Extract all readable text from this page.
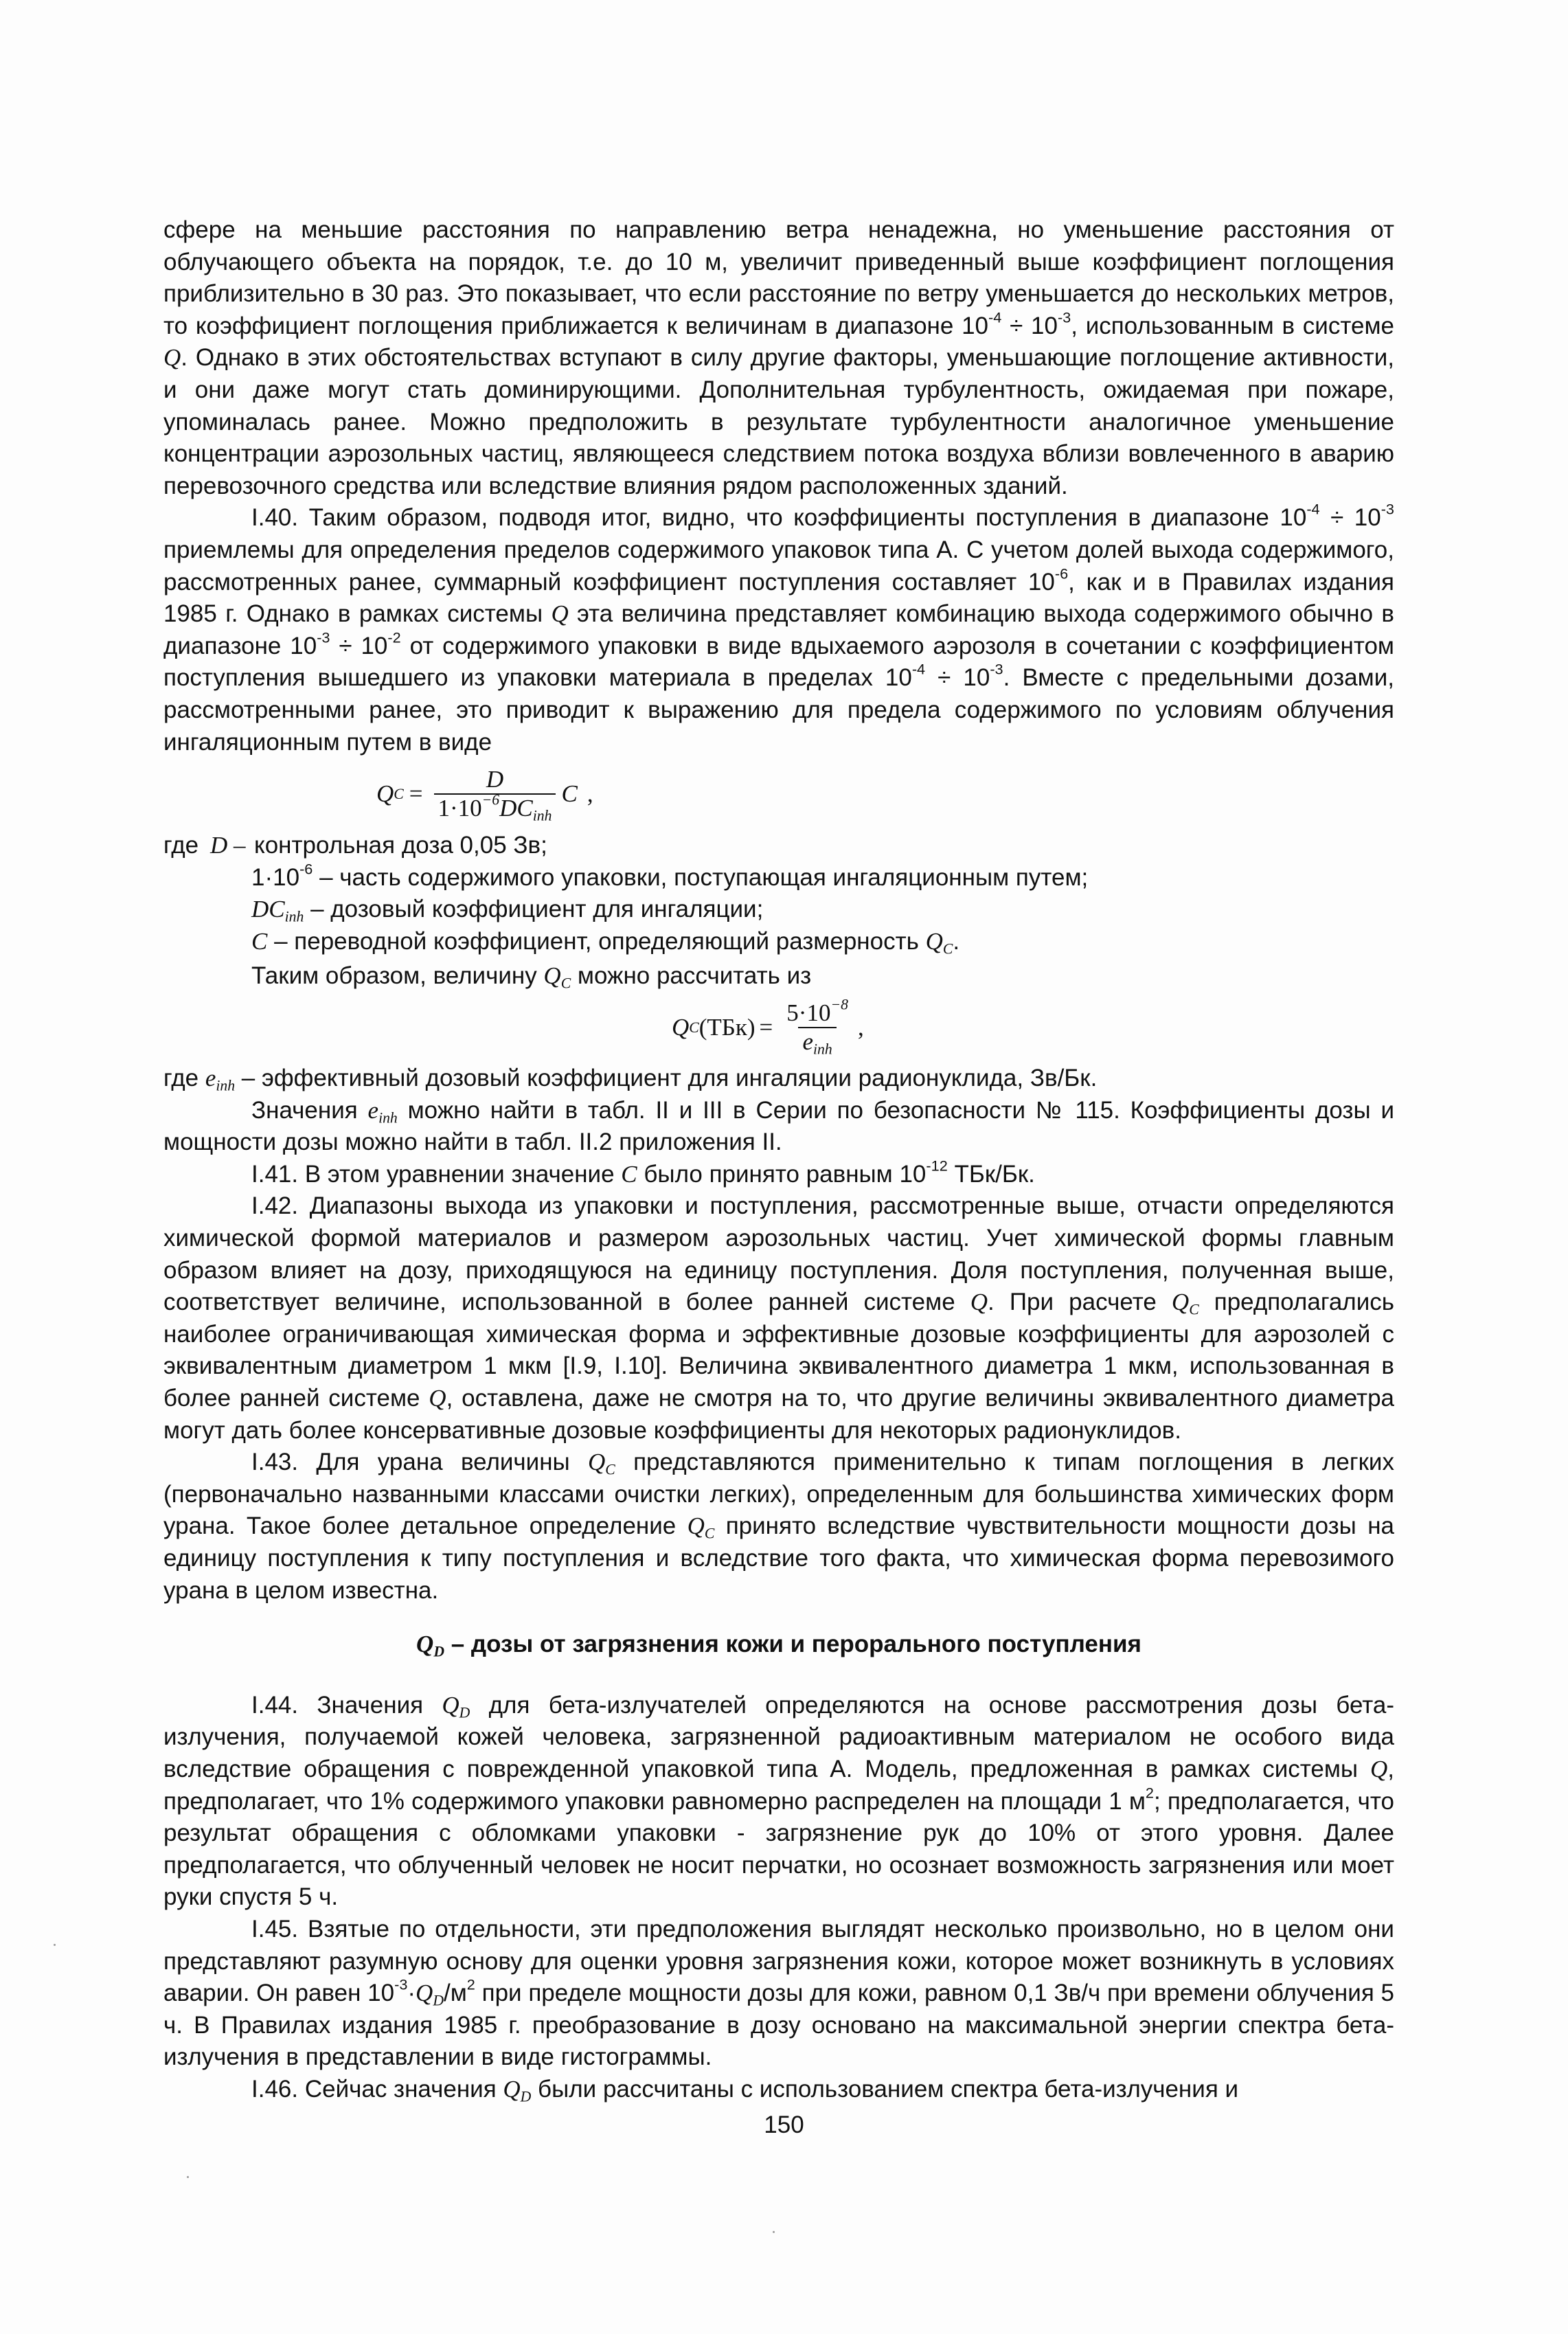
сфере на меньшие расстояния по направлению ветра ненадежна, но уменьшение расстояния от облучающего объекта на порядок, т.е. до 10 м, увеличит приведенный выше коэффициент поглощения приблизительно в 30 раз. Это показывает, что если расстояние по ветру уменьшается до нескольких метров, то коэффициент поглощения приближается к величинам в диапазоне $10^{-4} \div 10^{-3}$, использованным в системе Q. Однако в этих обстоятельствах вступают в силу другие факторы, уменьшающие поглощение активности, и они даже могут стать доминирующими. Дополнительная турбулентность, ожидаемая при пожаре, упоминалась ранее. Можно предположить в результате турбулентности аналогичное уменьшение концентрации аэрозольных частиц, являющееся следствием потока воздуха вблизи вовлеченного в аварию перевозочного средства или вследствие влияния рядом расположенных зданий.

I.40. Таким образом, подводя итог, видно, что коэффициенты поступления в диапазоне $10^{-4} \div 10^{-3}$ приемлемы для определения пределов содержимого упаковок типа А. С учетом долей выхода содержимого, рассмотренных ранее, суммарный коэффициент поступления составляет $10^{-6}$, как и в Правилах издания 1985 г. Однако в рамках системы Q эта величина представляет комбинацию выхода содержимого обычно в диапазоне $10^{-3} \div 10^{-2}$ от содержимого упаковки в виде вдыхаемого аэрозоля в сочетании с коэффициентом поступления вышедшего из упаковки материала в пределах $10^{-4} \div 10^{-3}$. Вместе с предельными дозами, рассмотренными ранее, это приводит к выражению для предела содержимого по условиям облучения ингаляционным путем в виде

Q $C = \frac{D}{1\cdot 10^{-6}DC_{inh}}$ C ,
где D – контрольная доза 0,05 Зв;
$1\cdot 10^{-6}$ – часть содержимого упаковки, поступающая ингаляционным путем;
$DC_{inh}$ – дозовый коэффициент для ингаляции;
C – переводной коэффициент, определяющий размерность $Q_C$.

Таким образом, величину $Q_C$ можно рассчитать из

Q C $(ТБк) = \frac{5\cdot 10^{-8}}{e_{inh}}$ ,

где $e_{inh}$ – эффективный дозовый коэффициент для ингаляции радионуклида, Зв/Бк.

Значения $e_{inh}$ можно найти в табл. II и III в Серии по безопасности № 115. Коэффициенты дозы и мощности дозы можно найти в табл. II.2 приложения II.

I.41. В этом уравнении значение C было принято равным $10^{-12}$ ТБк/Бк.

I.42. Диапазоны выхода из упаковки и поступления, рассмотренные выше, отчасти определяются химической формой материалов и размером аэрозольных частиц. Учет химической формы главным образом влияет на дозу, приходящуюся на единицу поступления. Доля поступления, полученная выше, соответствует величине, использованной в более ранней системе Q. При расчете $Q_C$ предполагались наиболее ограничивающая химическая форма и эффективные дозовые коэффициенты для аэрозолей с эквивалентным диаметром 1 мкм [I.9, I.10]. Величина эквивалентного диаметра 1 мкм, использованная в более ранней системе Q, оставлена, даже не смотря на то, что другие величины эквивалентного диаметра могут дать более консервативные дозовые коэффициенты для некоторых радионуклидов.

I.43. Для урана величины $Q_C$ представляются применительно к типам поглощения в легких (первоначально названными классами очистки легких), определенным для большинства химических форм урана. Такое более детальное определение $Q_C$ принято вследствие чувствительности мощности дозы на единицу поступления к типу поступления и вследствие того факта, что химическая форма перевозимого урана в целом известна.

$Q_D$ – дозы от загрязнения кожи и перорального поступления

I.44. Значения $Q_D$ для бета-излучателей определяются на основе рассмотрения дозы бета-излучения, получаемой кожей человека, загрязненной радиоактивным материалом не особого вида вследствие обращения с поврежденной упаковкой типа А. Модель, предложенная в рамках системы Q, предполагает, что 1% содержимого упаковки равномерно распределен на площади 1 $м^2$; предполагается, что результат обращения с обломками упаковки - загрязнение рук до 10% от этого уровня. Далее предполагается, что облученный человек не носит перчатки, но осознает возможность загрязнения или моет руки спустя 5 ч.

I.45. Взятые по отдельности, эти предположения выглядят несколько произвольно, но в целом они представляют разумную основу для оценки уровня загрязнения кожи, которое может возникнуть в условиях аварии. Он равен $10^{-3}\cdot Q_D/м^2$ при пределе мощности дозы для кожи, равном 0,1 Зв/ч при времени облучения 5 ч. В Правилах издания 1985 г. преобразование в дозу основано на максимальной энергии спектра бета-излучения в представлении в виде гистограммы.

I.46. Сейчас значения $Q_D$ были рассчитаны с использованием спектра бета-излучения и

150
